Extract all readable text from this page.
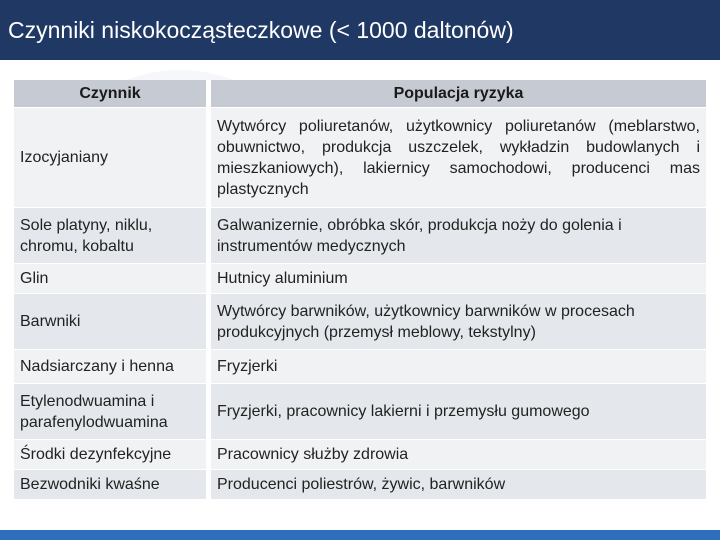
Czynniki niskokocząsteczkowe (< 1000 daltonów)
Czynnik	Populacja ryzyka
Izocyjaniany	Wytwórcy poliuretanów, użytkownicy poliuretanów (meblarstwo, obuwnictwo, produkcja uszczelek, wykładzin budowlanych i mieszkaniowych), lakiernicy samochodowi, producenci mas plastycznych
Sole platyny, niklu, chromu, kobaltu	Galwanizernie, obróbka skór, produkcja noży do golenia i instrumentów medycznych
Glin	Hutnicy aluminium
Barwniki	Wytwórcy barwników, użytkownicy barwników w procesach produkcyjnych (przemysł meblowy, tekstylny)
Nadsiarczany i henna	Fryzjerki
Etylenodwuamina i parafenylodwuamina	Fryzjerki, pracownicy lakierni i przemysłu gumowego
Środki dezynfekcyjne	Pracownicy służby zdrowia
Bezwodniki kwaśne	Producenci poliestrów, żywic, barwników
